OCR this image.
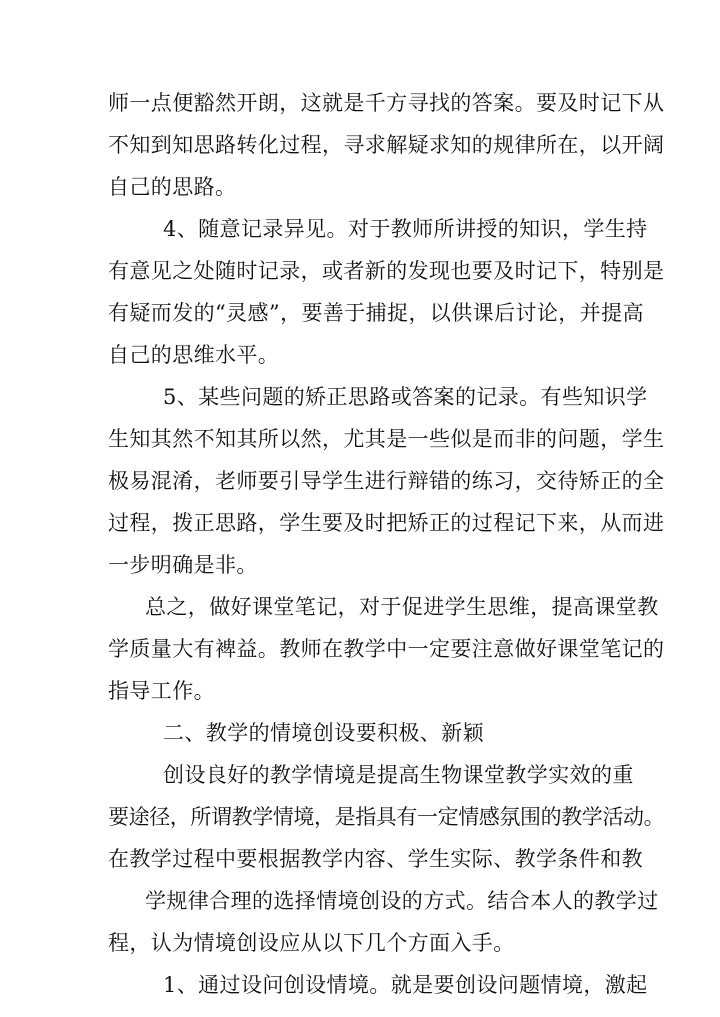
师一点便豁然开朗，这就是千方寻找的答案。要及时记下从
不知到知思路转化过程，寻求解疑求知的规律所在，以开阔
自己的思路。
4、随意记录异见。对于教师所讲授的知识，学生持
有意见之处随时记录，或者新的发现也要及时记下，特别是
有疑而发的“灵感”，要善于捕捉，以供课后讨论，并提高
自己的思维水平。
5、某些问题的矫正思路或答案的记录。有些知识学
生知其然不知其所以然，尤其是一些似是而非的问题，学生
极易混淆，老师要引导学生进行辩错的练习，交待矫正的全
过程，拨正思路，学生要及时把矫正的过程记下来，从而进
一步明确是非。
总之，做好课堂笔记，对于促进学生思维，提高课堂教
学质量大有裨益。教师在教学中一定要注意做好课堂笔记的
指导工作。
二、教学的情境创设要积极、新颖
创设良好的教学情境是提高生物课堂教学实效的重
要途径，所谓教学情境，是指具有一定情感氛围的教学活动。
在教学过程中要根据教学内容、学生实际、教学条件和教
学规律合理的选择情境创设的方式。结合本人的教学过
程，认为情境创设应从以下几个方面入手。
1、通过设问创设情境。就是要创设问题情境，激起
